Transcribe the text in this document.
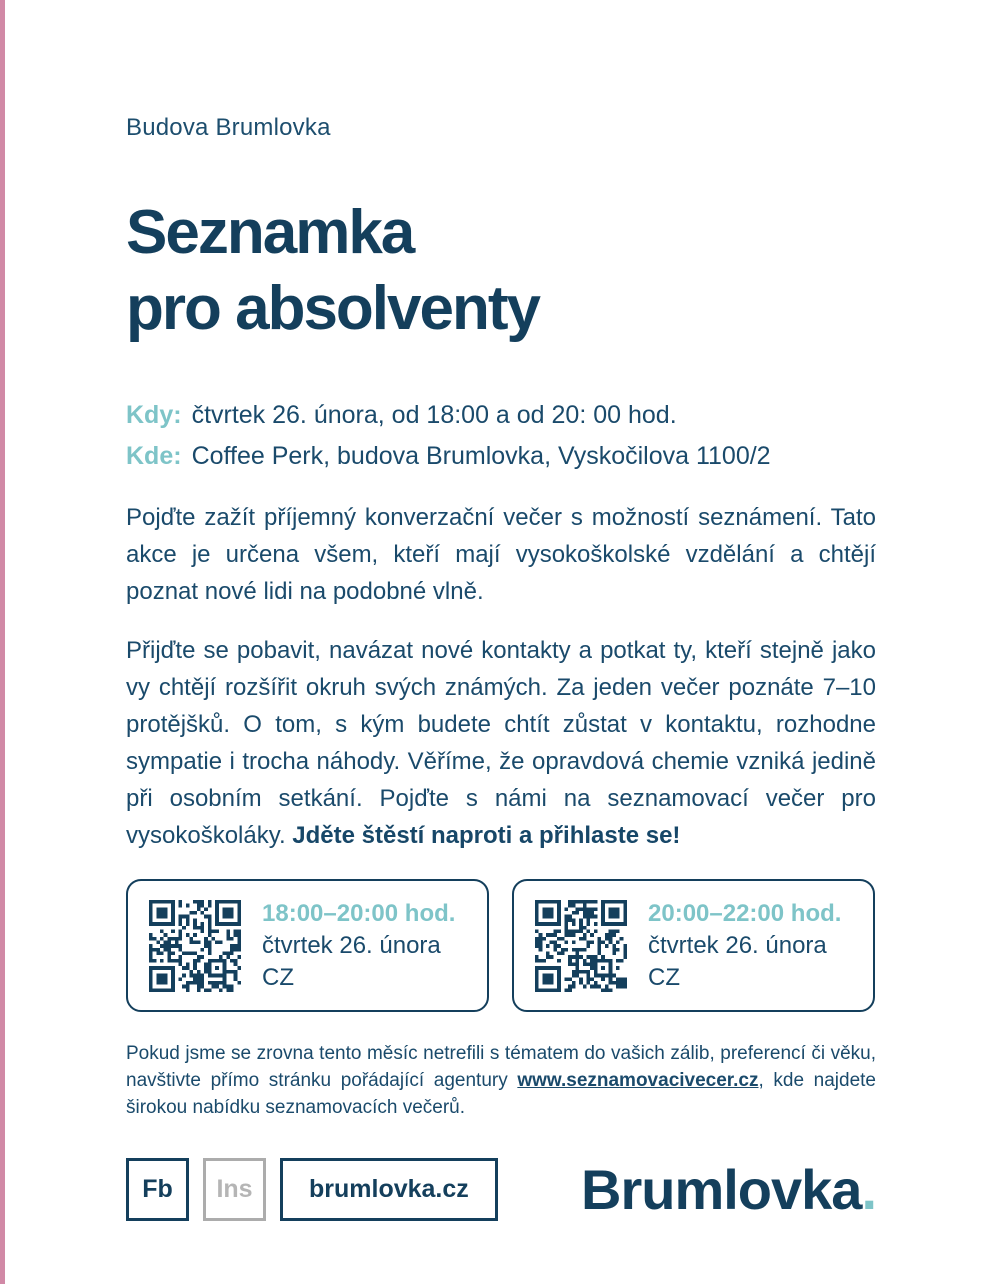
Budova Brumlovka
Seznamka
pro absolventy
Kdy: čtvrtek 26. února, od 18:00 a od 20: 00 hod.
Kde: Coffee Perk, budova Brumlovka, Vyskočilova 1100/2

Pojďte zažít příjemný konverzační večer s možností seznámení. Tato akce je určena všem, kteří mají vysokoškolské vzdělání a chtějí poznat nové lidi na podobné vlně.

Přijďte se pobavit, navázat nové kontakty a potkat ty, kteří stejně jako vy chtějí rozšířit okruh svých známých. Za jeden večer poznáte 7–10 protějšků. O tom, s kým budete chtít zůstat v kontaktu, rozhodne sympatie i trocha náhody. Věříme, že opravdová chemie vzniká jedině při osobním setkání. Pojďte s námi na seznamovací večer pro vysokoškoláky. Jděte štěstí naproti a přihlaste se!

18:00–20:00 hod.
čtvrtek 26. února
CZ
20:00–22:00 hod.
čtvrtek 26. února
CZ

Pokud jsme se zrovna tento měsíc netrefili s tématem do vašich zálib, preferencí či věku, navštivte přímo stránku pořádající agentury www.seznamovacivecer.cz, kde najdete širokou nabídku seznamovacích večerů.

Fb	Ins	brumlovka.cz	Brumlovka.
